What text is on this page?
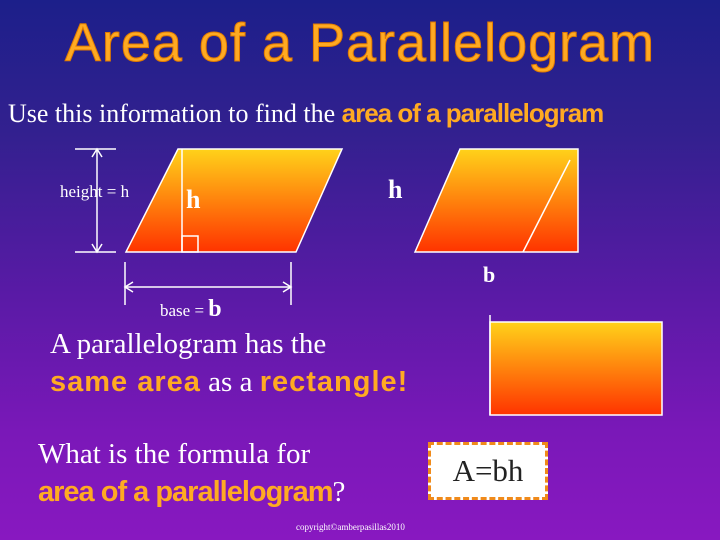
Area of a Parallelogram
Use this information to find the area of a parallelogram
height = h h	h
base = b
b
A parallelogram has the
same area as a rectangle!
What is the formula for
area of a parallelogram?
A=bh
copyright©amberpasillas2010
